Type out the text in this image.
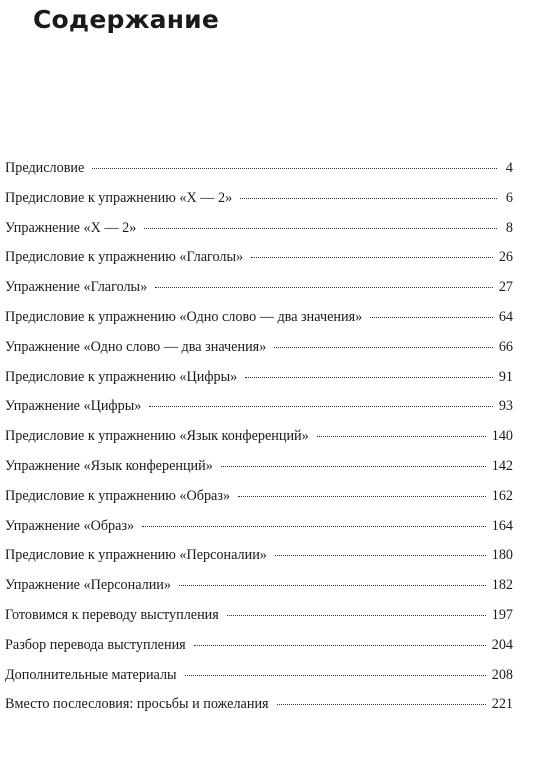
Содержание
Предисловие	4
Предисловие к упражнению «X — 2»	6
Упражнение «X — 2»	8
Предисловие к упражнению «Глаголы»	26
Упражнение «Глаголы»	27
Предисловие к упражнению «Одно слово — два значения»	64
Упражнение «Одно слово — два значения»	66
Предисловие к упражнению «Цифры»	91
Упражнение «Цифры»	93
Предисловие к упражнению «Язык конференций»	140
Упражнение «Язык конференций»	142
Предисловие к упражнению «Образ»	162
Упражнение «Образ»	164
Предисловие к упражнению «Персоналии»	180
Упражнение «Персоналии»	182
Готовимся к переводу выступления	197
Разбор перевода выступления	204
Дополнительные материалы	208
Вместо послесловия: просьбы и пожелания	221
